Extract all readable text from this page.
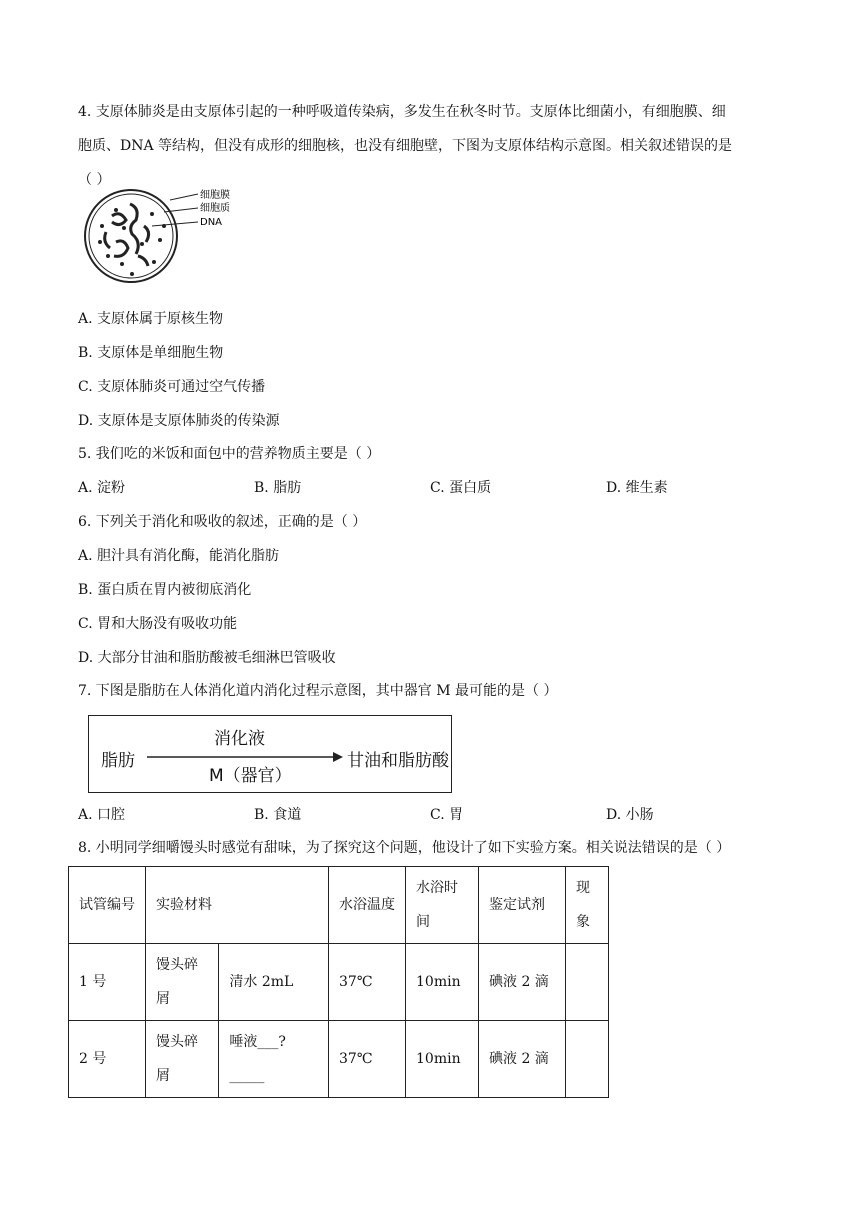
4. 支原体肺炎是由支原体引起的一种呼吸道传染病，多发生在秋冬时节。支原体比细菌小，有细胞膜、细
胞质、DNA 等结构，但没有成形的细胞核，也没有细胞壁，下图为支原体结构示意图。相关叙述错误的是
（ ）
细胞膜
细胞质
DNA
A. 支原体属于原核生物
B. 支原体是单细胞生物
C. 支原体肺炎可通过空气传播
D. 支原体是支原体肺炎的传染源
5. 我们吃的米饭和面包中的营养物质主要是（ ）
A. 淀粉	B. 脂肪	C. 蛋白质	D. 维生素
6. 下列关于消化和吸收的叙述，正确的是（ ）
A. 胆汁具有消化酶，能消化脂肪
B. 蛋白质在胃内被彻底消化
C. 胃和大肠没有吸收功能
D. 大部分甘油和脂肪酸被毛细淋巴管吸收
7. 下图是脂肪在人体消化道内消化过程示意图，其中器官 M 最可能的是（ ）
脂肪
消化液
M（器官）
甘油和脂肪酸
A. 口腔	B. 食道	C. 胃	D. 小肠
8. 小明同学细嚼馒头时感觉有甜味，为了探究这个问题，他设计了如下实验方案。相关说法错误的是（ ）
试管编号	实验材料		水浴温度	水浴时间	鉴定试剂	现象
1 号	馒头碎屑	清水 2mL	37℃	10min	碘液 2 滴	
2 号	馒头碎屑	唾液___?_____	37℃	10min	碘液 2 滴	
